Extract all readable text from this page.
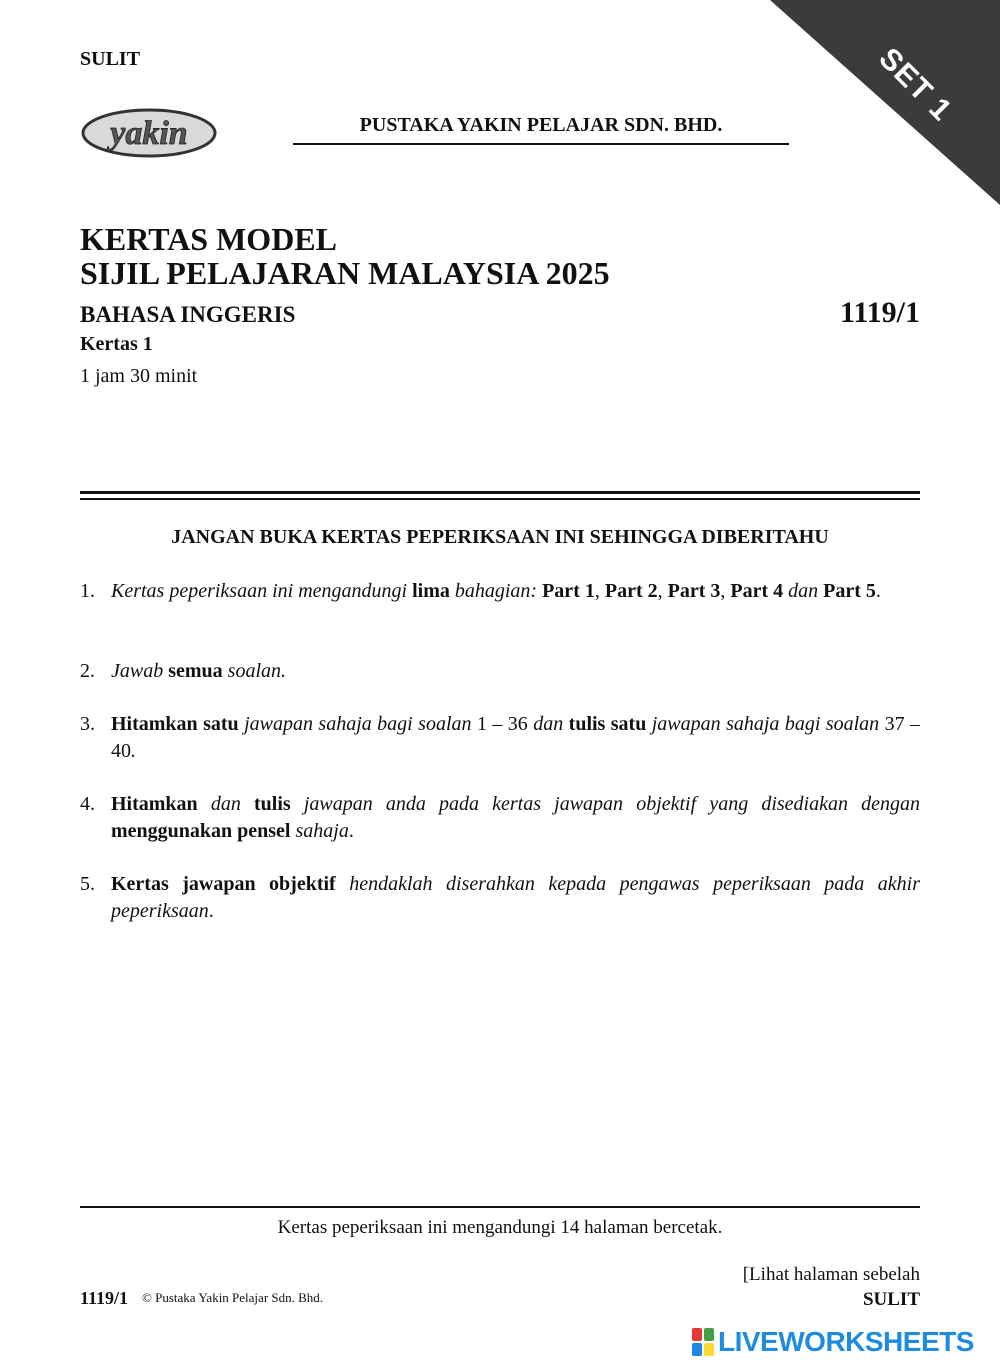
SET 1
SULIT
yakin	PUSTAKA YAKIN PELAJAR SDN. BHD.
KERTAS MODEL
SIJIL PELAJARAN MALAYSIA 2025
BAHASA INGGERIS	1119/1
Kertas 1
1 jam 30 minit
JANGAN BUKA KERTAS PEPERIKSAAN INI SEHINGGA DIBERITAHU
1. Kertas peperiksaan ini mengandungi lima bahagian: Part 1, Part 2, Part 3, Part 4 dan Part 5.
2. Jawab semua soalan.
3. Hitamkan satu jawapan sahaja bagi soalan 1 – 36 dan tulis satu jawapan sahaja bagi soalan 37 – 40.
4. Hitamkan dan tulis jawapan anda pada kertas jawapan objektif yang disediakan dengan menggunakan pensel sahaja.
5. Kertas jawapan objektif hendaklah diserahkan kepada pengawas peperiksaan pada akhir peperiksaan.
Kertas peperiksaan ini mengandungi 14 halaman bercetak.
[Lihat halaman sebelah
SULIT
1119/1 © Pustaka Yakin Pelajar Sdn. Bhd.
LIVEWORKSHEETS
